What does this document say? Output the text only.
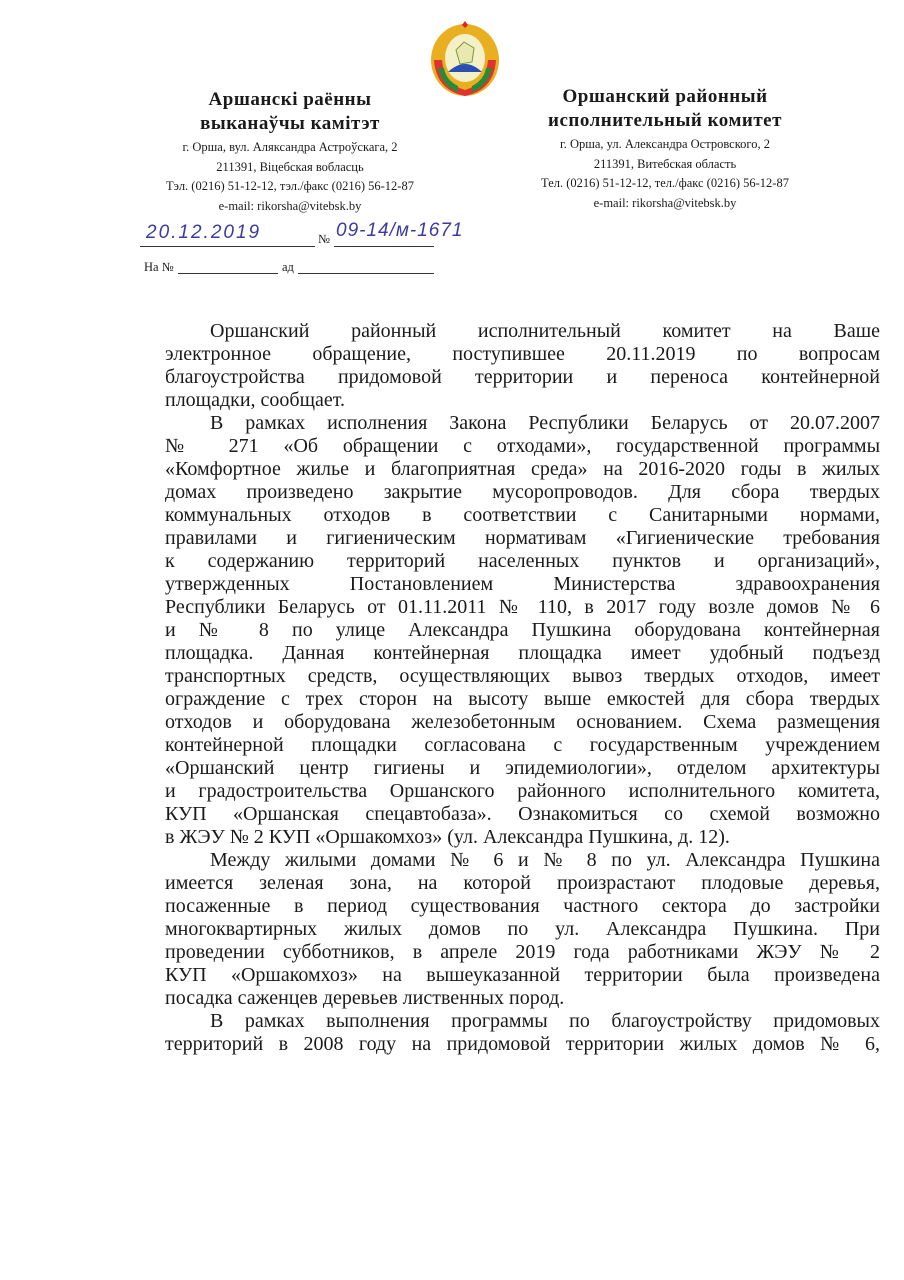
Аршанскі раённы
выканаўчы камітэт
г. Орша, вул. Аляксандра Астроўскага, 2
211391, Віцебская вобласць
Тэл. (0216) 51-12-12, тэл./факс (0216) 56-12-87
e-mail: rikorsha@vitebsk.by
Оршанский районный
исполнительный комитет
г. Орша, ул. Александра Островского, 2
211391, Витебская область
Тел. (0216) 51-12-12, тел./факс (0216) 56-12-87
e-mail: rikorsha@vitebsk.by
20.12.2019	№ 09-14/м-1671
На №	ад
Оршанский районный исполнительный комитет на Ваше
электронное обращение, поступившее 20.11.2019 по вопросам
благоустройства придомовой территории и переноса контейнерной
площадки, сообщает.
В рамках исполнения Закона Республики Беларусь от 20.07.2007
№ 271 «Об обращении с отходами», государственной программы
«Комфортное жилье и благоприятная среда» на 2016-2020 годы в жилых
домах произведено закрытие мусоропроводов. Для сбора твердых
коммунальных отходов в соответствии с Санитарными нормами,
правилами и гигиеническим нормативам «Гигиенические требования
к содержанию территорий населенных пунктов и организаций»,
утвержденных Постановлением Министерства здравоохранения
Республики Беларусь от 01.11.2011 № 110, в 2017 году возле домов № 6
и № 8 по улице Александра Пушкина оборудована контейнерная
площадка. Данная контейнерная площадка имеет удобный подъезд
транспортных средств, осуществляющих вывоз твердых отходов, имеет
ограждение с трех сторон на высоту выше емкостей для сбора твердых
отходов и оборудована железобетонным основанием. Схема размещения
контейнерной площадки согласована с государственным учреждением
«Оршанский центр гигиены и эпидемиологии», отделом архитектуры
и градостроительства Оршанского районного исполнительного комитета,
КУП «Оршанская спецавтобаза». Ознакомиться со схемой возможно
в ЖЭУ № 2 КУП «Оршакомхоз» (ул. Александра Пушкина, д. 12).
Между жилыми домами № 6 и № 8 по ул. Александра Пушкина
имеется зеленая зона, на которой произрастают плодовые деревья,
посаженные в период существования частного сектора до застройки
многоквартирных жилых домов по ул. Александра Пушкина. При
проведении субботников, в апреле 2019 года работниками ЖЭУ № 2
КУП «Оршакомхоз» на вышеуказанной территории была произведена
посадка саженцев деревьев лиственных пород.
В рамках выполнения программы по благоустройству придомовых
территорий в 2008 году на придомовой территории жилых домов № 6,
